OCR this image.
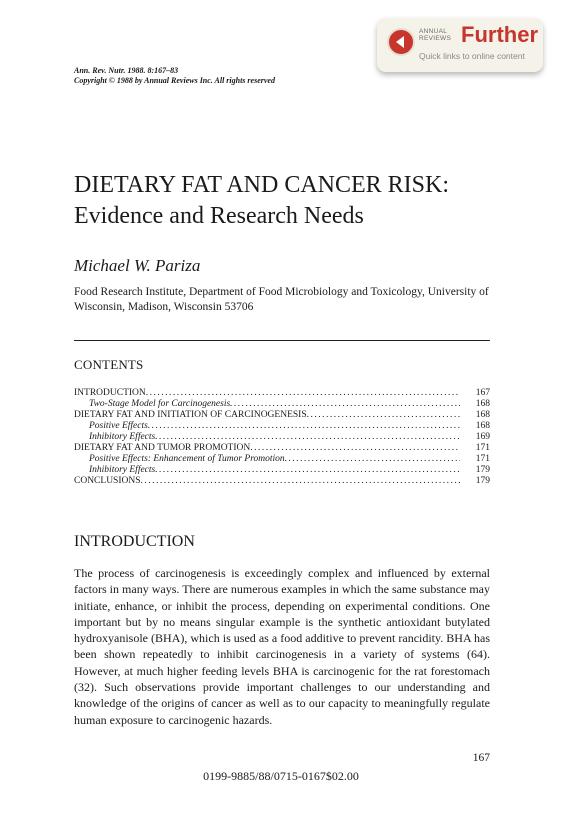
ANNUAL
REVIEWS Further
Quick links to online content
Ann. Rev. Nutr. 1988. 8:167–83
Copyright © 1988 by Annual Reviews Inc. All rights reserved
DIETARY FAT AND CANCER RISK:
Evidence and Research Needs
Michael W. Pariza
Food Research Institute, Department of Food Microbiology and Toxicology, University of Wisconsin, Madison, Wisconsin 53706
CONTENTS
INTRODUCTION .....	167
Two-Stage Model for Carcinogenesis .....	168
DIETARY FAT AND INITIATION OF CARCINOGENESIS .....	168
Positive Effects .....	168
Inhibitory Effects .....	169
DIETARY FAT AND TUMOR PROMOTION .....	171
Positive Effects: Enhancement of Tumor Promotion .....	171
Inhibitory Effects .....	179
CONCLUSIONS .....	179
INTRODUCTION

The process of carcinogenesis is exceedingly complex and influenced by external factors in many ways. There are numerous examples in which the same substance may initiate, enhance, or inhibit the process, depending on experimental conditions. One important but by no means singular example is the synthetic antioxidant butylated hydroxyanisole (BHA), which is used as a food additive to prevent rancidity. BHA has been shown repeatedly to inhibit carcinogenesis in a variety of systems (64). However, at much higher feeding levels BHA is carcinogenic for the rat forestomach (32). Such observations provide important challenges to our understanding and knowledge of the origins of cancer as well as to our capacity to meaningfully regulate human exposure to carcinogenic hazards.

167
0199-9885/88/0715-0167$02.00
